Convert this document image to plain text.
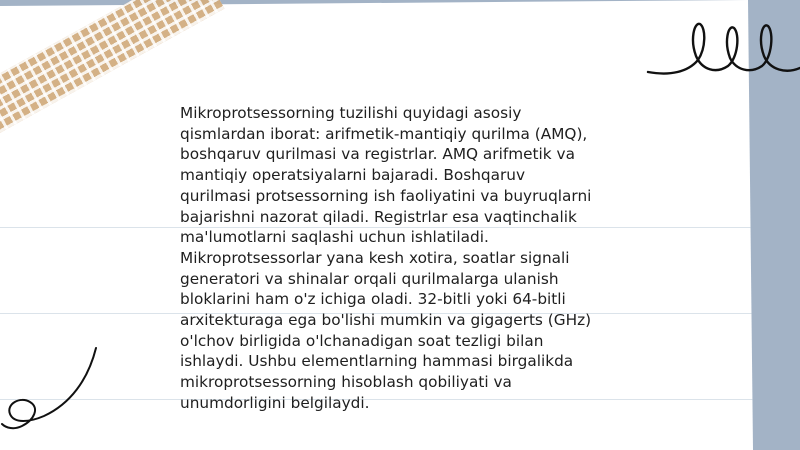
Mikroprotsessorning tuzilishi quyidagi asosiy
qismlardan iborat: arifmetik-mantiqiy qurilma (AMQ),
boshqaruv qurilmasi va registrlar. AMQ arifmetik va
mantiqiy operatsiyalarni bajaradi. Boshqaruv
qurilmasi protsessorning ish faoliyatini va buyruqlarni
bajarishni nazorat qiladi. Registrlar esa vaqtinchalik
ma'lumotlarni saqlashi uchun ishlatiladi.
Mikroprotsessorlar yana kesh xotira, soatlar signali
generatori va shinalar orqali qurilmalarga ulanish
bloklarini ham o'z ichiga oladi. 32-bitli yoki 64-bitli
arxitekturaga ega bo'lishi mumkin va gigagerts (GHz)
o'lchov birligida o'lchanadigan soat tezligi bilan
ishlaydi. Ushbu elementlarning hammasi birgalikda
mikroprotsessorning hisoblash qobiliyati va
unumdorligini belgilaydi.
